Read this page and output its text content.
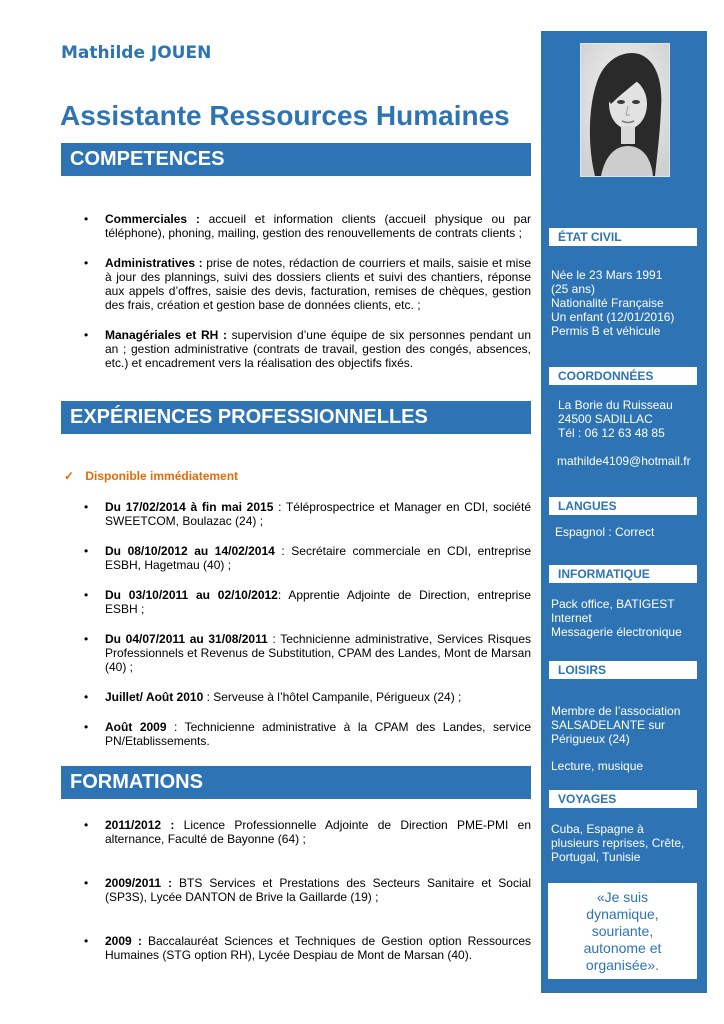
Mathilde JOUEN
Assistante Ressources Humaines
COMPETENCES
• Commerciales : accueil et information clients (accueil physique ou par téléphone), phoning, mailing, gestion des renouvellements de contrats clients ;
• Administratives : prise de notes, rédaction de courriers et mails, saisie et mise à jour des plannings, suivi des dossiers clients et suivi des chantiers, réponse aux appels d’offres, saisie des devis, facturation, remises de chèques, gestion des frais, création et gestion base de données clients, etc. ;
• Managériales et RH : supervision d’une équipe de six personnes pendant un an ; gestion administrative (contrats de travail, gestion des congés, absences, etc.) et encadrement vers la réalisation des objectifs fixés.
EXPÉRIENCES PROFESSIONNELLES
✓ Disponible immédiatement
• Du 17/02/2014 à fin mai 2015 : Téléprospectrice et Manager en CDI, société SWEETCOM, Boulazac (24) ;
• Du 08/10/2012 au 14/02/2014 : Secrétaire commerciale en CDI, entreprise ESBH, Hagetmau (40) ;
• Du 03/10/2011 au 02/10/2012: Apprentie Adjointe de Direction, entreprise ESBH ;
• Du 04/07/2011 au 31/08/2011 : Technicienne administrative, Services Risques Professionnels et Revenus de Substitution, CPAM des Landes, Mont de Marsan (40) ;
• Juillet/ Août 2010 : Serveuse à l’hôtel Campanile, Périgueux (24) ;
• Août 2009 : Technicienne administrative à la CPAM des Landes, service PN/Etablissements.
FORMATIONS
• 2011/2012 : Licence Professionnelle Adjointe de Direction PME-PMI en alternance, Faculté de Bayonne (64) ;
• 2009/2011 : BTS Services et Prestations des Secteurs Sanitaire et Social (SP3S), Lycée DANTON de Brive la Gaillarde (19) ;
• 2009 : Baccalauréat Sciences et Techniques de Gestion option Ressources Humaines (STG option RH), Lycée Despiau de Mont de Marsan (40).
ÉTAT CIVIL
Née le 23 Mars 1991
(25 ans)
Nationalité Française
Un enfant (12/01/2016)
Permis B et véhicule
COORDONNÉES
La Borie du Ruisseau
24500 SADILLAC
Tél : 06 12 63 48 85
mathilde4109@hotmail.fr
LANGUES
Espagnol : Correct
INFORMATIQUE
Pack office, BATIGEST
Internet
Messagerie électronique
LOISIRS
Membre de l’association
SALSADELANTE sur
Périgueux (24)
Lecture, musique
VOYAGES
Cuba, Espagne à
plusieurs reprises, Crête,
Portugal, Tunisie
«Je suis
dynamique,
souriante,
autonome et
organisée».
